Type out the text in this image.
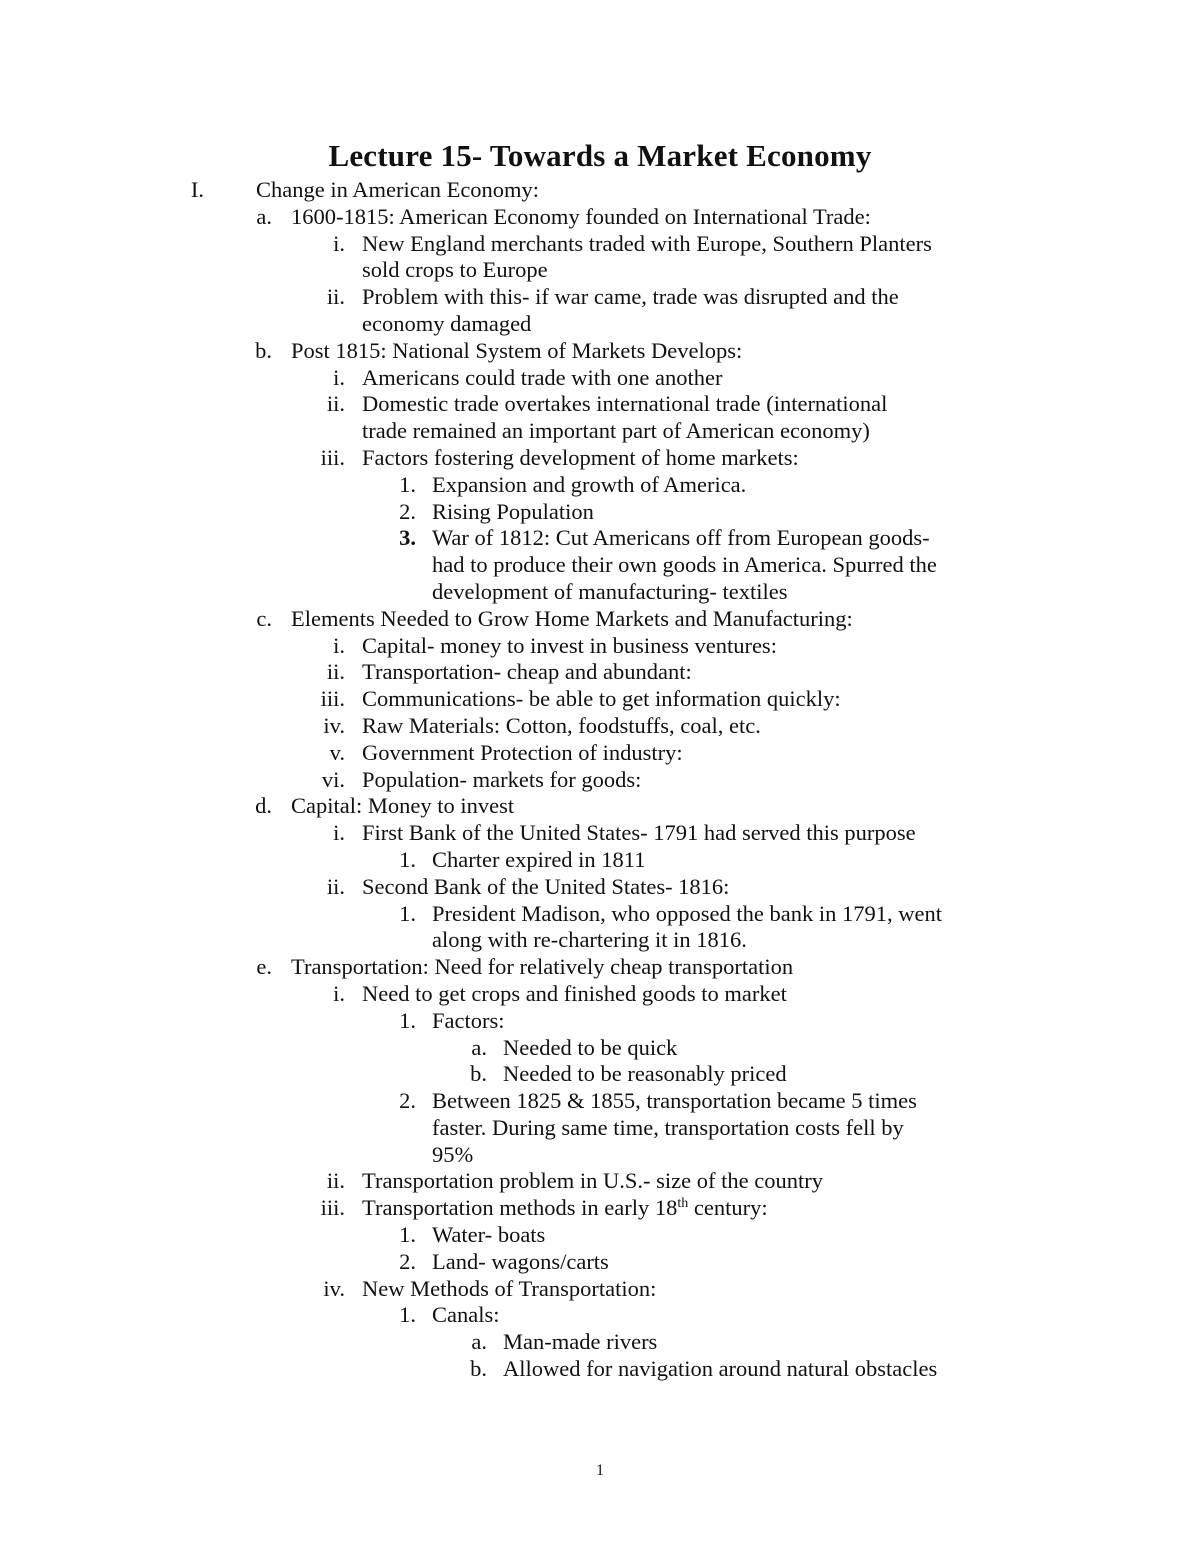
Lecture 15- Towards a Market Economy
I. Change in American Economy:
a. 1600-1815: American Economy founded on International Trade:
i. New England merchants traded with Europe, Southern Planters
sold crops to Europe
ii. Problem with this- if war came, trade was disrupted and the
economy damaged
b. Post 1815: National System of Markets Develops:
i. Americans could trade with one another
ii. Domestic trade overtakes international trade (international
trade remained an important part of American economy)
iii. Factors fostering development of home markets:
1. Expansion and growth of America.
2. Rising Population
3. War of 1812: Cut Americans off from European goods-
had to produce their own goods in America. Spurred the
development of manufacturing- textiles
c. Elements Needed to Grow Home Markets and Manufacturing:
i. Capital- money to invest in business ventures:
ii. Transportation- cheap and abundant:
iii. Communications- be able to get information quickly:
iv. Raw Materials: Cotton, foodstuffs, coal, etc.
v. Government Protection of industry:
vi. Population- markets for goods:
d. Capital: Money to invest
i. First Bank of the United States- 1791 had served this purpose
1. Charter expired in 1811
ii. Second Bank of the United States- 1816:
1. President Madison, who opposed the bank in 1791, went
along with re-chartering it in 1816.
e. Transportation: Need for relatively cheap transportation
i. Need to get crops and finished goods to market
1. Factors:
a. Needed to be quick
b. Needed to be reasonably priced
2. Between 1825 & 1855, transportation became 5 times
faster. During same time, transportation costs fell by
95%
ii. Transportation problem in U.S.- size of the country
iii. Transportation methods in early 18th century:
1. Water- boats
2. Land- wagons/carts
iv. New Methods of Transportation:
1. Canals:
a. Man-made rivers
b. Allowed for navigation around natural obstacles
1
